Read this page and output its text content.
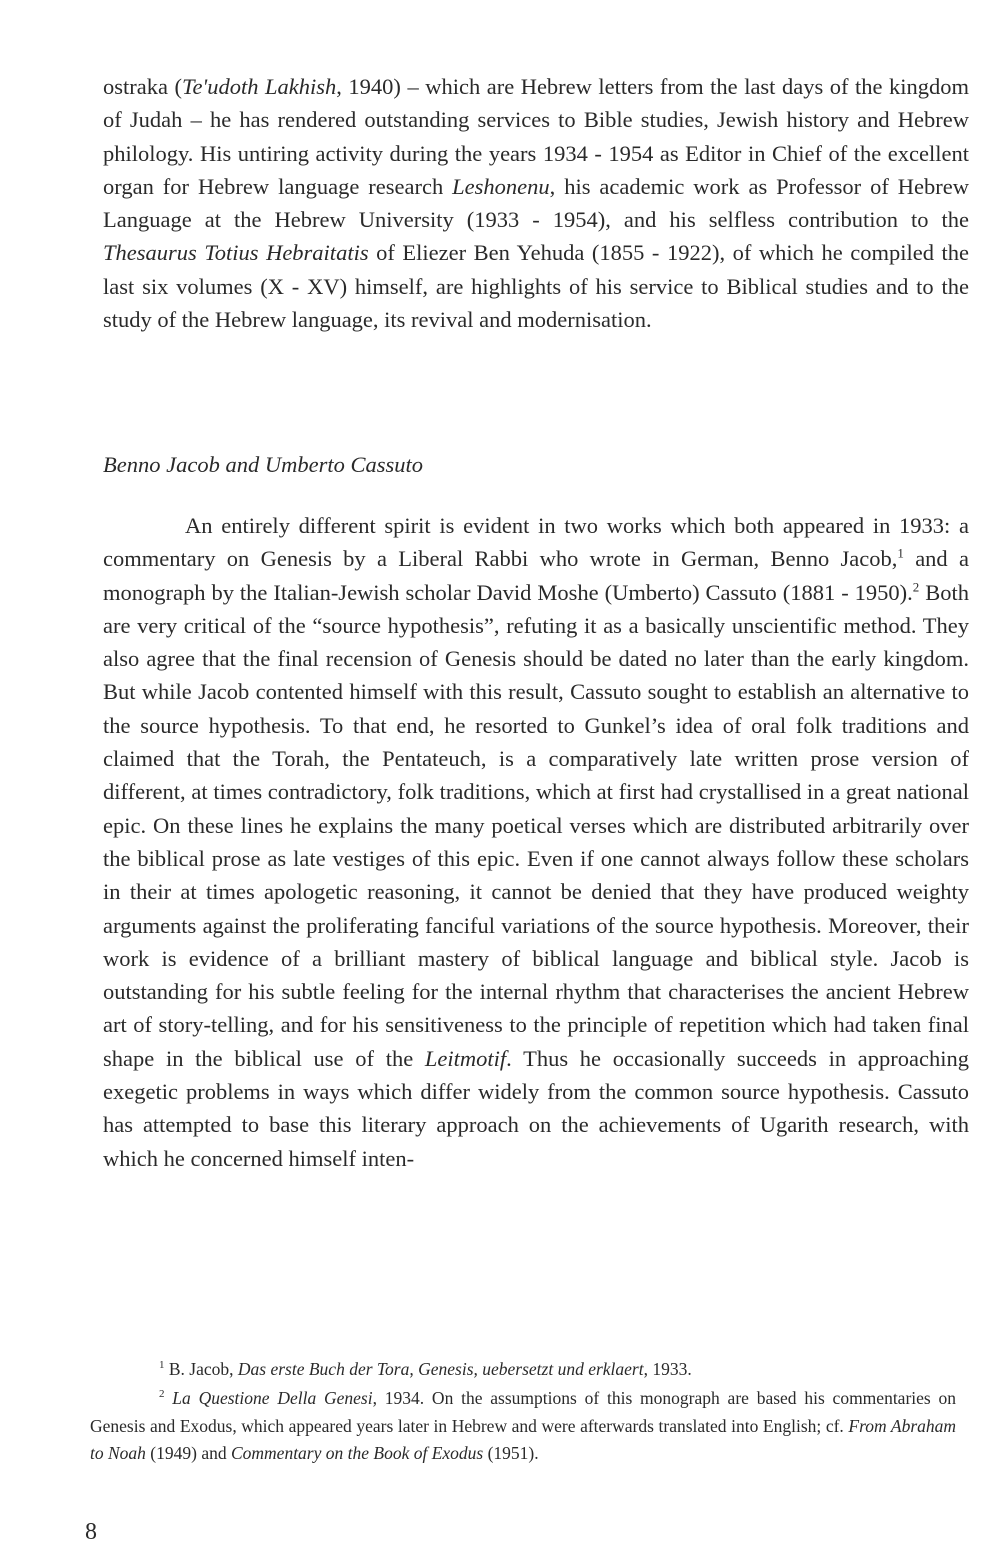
ostraka (Te'udoth Lakhish, 1940) – which are Hebrew letters from the last days of the kingdom of Judah – he has rendered outstanding services to Bible studies, Jewish history and Hebrew philology. His untiring activity during the years 1934 - 1954 as Editor in Chief of the excellent organ for Hebrew language research Leshonenu, his academic work as Professor of Hebrew Language at the Hebrew University (1933 - 1954), and his selfless contribution to the Thesaurus Totius Hebraitatis of Eliezer Ben Yehuda (1855 - 1922), of which he compiled the last six volumes (X - XV) himself, are highlights of his service to Biblical studies and to the study of the Hebrew language, its revival and modernisation.

Benno Jacob and Umberto Cassuto

An entirely different spirit is evident in two works which both appeared in 1933: a commentary on Genesis by a Liberal Rabbi who wrote in German, Benno Jacob,$^1$ and a monograph by the Italian-Jewish scholar David Moshe (Umberto) Cassuto (1881 - 1950).$^2$ Both are very critical of the “source hypothesis”, refuting it as a basically unscientific method. They also agree that the final recension of Genesis should be dated no later than the early kingdom. But while Jacob contented himself with this result, Cassuto sought to establish an alternative to the source hypothesis. To that end, he resorted to Gunkel’s idea of oral folk traditions and claimed that the Torah, the Pentateuch, is a comparatively late written prose version of different, at times contradictory, folk traditions, which at first had crystallised in a great national epic. On these lines he explains the many poetical verses which are distributed arbitrarily over the biblical prose as late vestiges of this epic. Even if one cannot always follow these scholars in their at times apologetic reasoning, it cannot be denied that they have produced weighty arguments against the proliferating fanciful variations of the source hypothesis. Moreover, their work is evidence of a brilliant mastery of biblical language and biblical style. Jacob is outstanding for his subtle feeling for the internal rhythm that characterises the ancient Hebrew art of story-telling, and for his sensitiveness to the principle of repetition which had taken final shape in the biblical use of the Leitmotif. Thus he occasionally succeeds in approaching exegetic problems in ways which differ widely from the common source hypothesis. Cassuto has attempted to base this literary approach on the achievements of Ugarith research, with which he concerned himself inten-

$^1$ B. Jacob, Das erste Buch der Tora, Genesis, uebersetzt und erklaert, 1933.

$^2$ La Questione Della Genesi, 1934. On the assumptions of this monograph are based his commentaries on Genesis and Exodus, which appeared years later in Hebrew and were afterwards translated into English; cf. From Abraham to Noah (1949) and Commentary on the Book of Exodus (1951).

8
